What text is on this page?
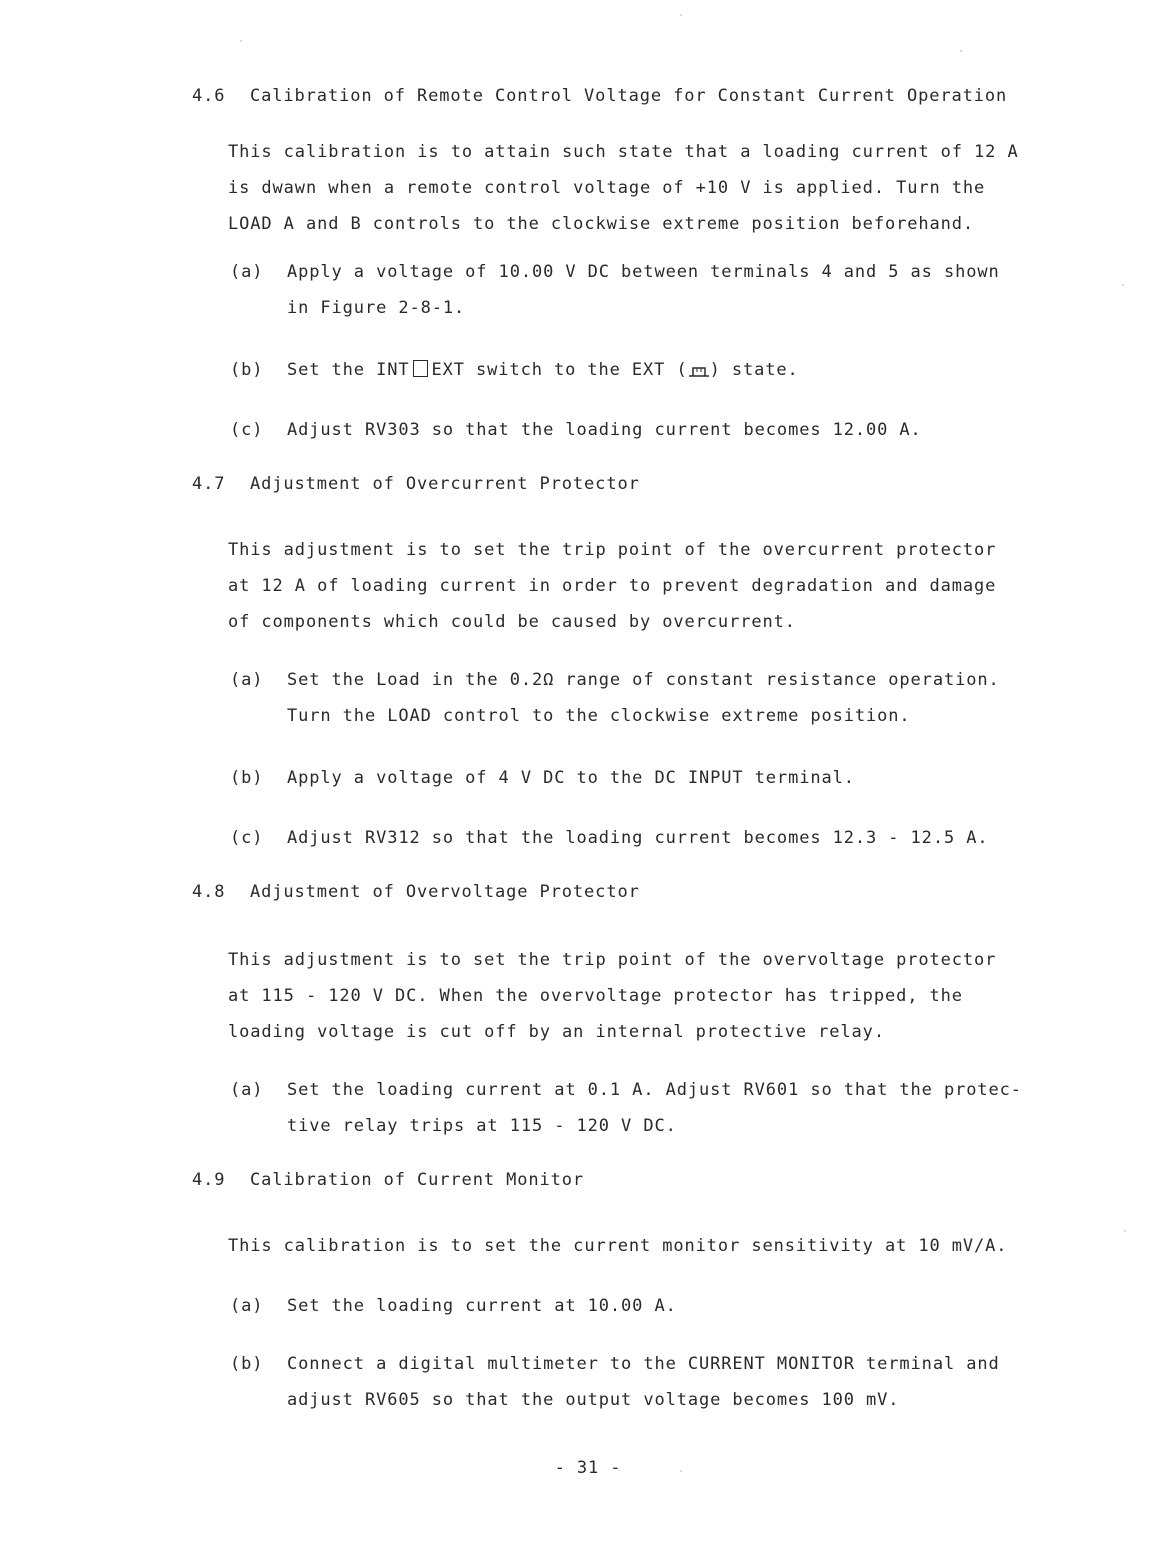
4.6 Calibration of Remote Control Voltage for Constant Current Operation
This calibration is to attain such state that a loading current of 12 A
is dwawn when a remote control voltage of +10 V is applied. Turn the
LOAD A and B controls to the clockwise extreme position beforehand.
(a) Apply a voltage of 10.00 V DC between terminals 4 and 5 as shown
in Figure 2-8-1.
(b) Set the INT EXT switch to the EXT ( ) state.
(c) Adjust RV303 so that the loading current becomes 12.00 A.
4.7 Adjustment of Overcurrent Protector
This adjustment is to set the trip point of the overcurrent protector
at 12 A of loading current in order to prevent degradation and damage
of components which could be caused by overcurrent.
(a) Set the Load in the 0.2Ω range of constant resistance operation.
Turn the LOAD control to the clockwise extreme position.
(b) Apply a voltage of 4 V DC to the DC INPUT terminal.
(c) Adjust RV312 so that the loading current becomes 12.3 - 12.5 A.
4.8 Adjustment of Overvoltage Protector
This adjustment is to set the trip point of the overvoltage protector
at 115 - 120 V DC. When the overvoltage protector has tripped, the
loading voltage is cut off by an internal protective relay.
(a) Set the loading current at 0.1 A. Adjust RV601 so that the protec-
tive relay trips at 115 - 120 V DC.
4.9 Calibration of Current Monitor
This calibration is to set the current monitor sensitivity at 10 mV/A.
(a) Set the loading current at 10.00 A.
(b) Connect a digital multimeter to the CURRENT MONITOR terminal and
adjust RV605 so that the output voltage becomes 100 mV.
- 31 -
